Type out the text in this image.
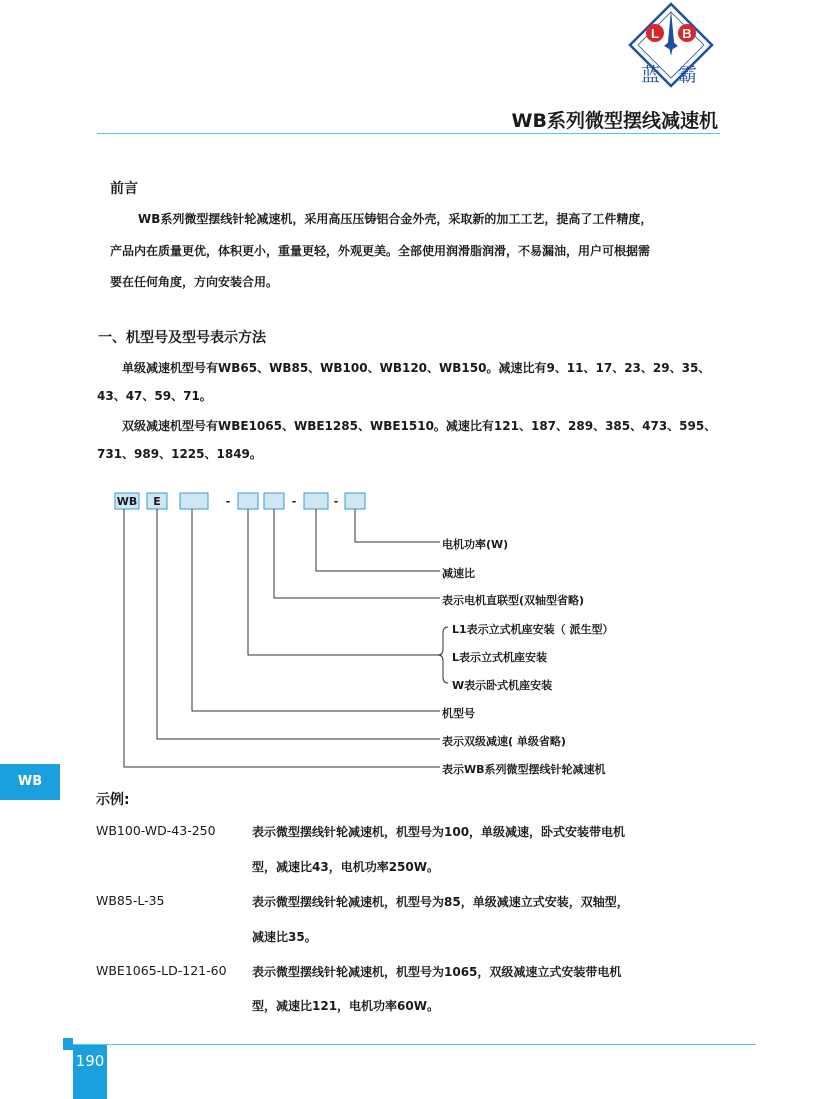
L B
蓝 霸
WB系列微型摆线减速机
前言
WB系列微型摆线针轮减速机，采用高压压铸铝合金外壳，采取新的加工工艺，提高了工件精度，
产品内在质量更优，体积更小，重量更轻，外观更美。全部使用润滑脂润滑，不易漏油，用户可根据需
要在任何角度，方向安装合用。
一、机型号及型号表示方法
单级减速机型号有WB65、WB85、WB100、WB120、WB150。减速比有9、11、17、23、29、35、
43、47、59、71。
双级减速机型号有WBE1065、WBE1285、WBE1510。减速比有121、187、289、385、473、595、
731、989、1225、1849。
WB E	-	-	-
电机功率(W)
减速比
表示电机直联型(双轴型省略)
L1表示立式机座安装（ 派生型）
L表示立式机座安装
W表示卧式机座安装
机型号
表示双级减速( 单级省略)
表示WB系列微型摆线针轮减速机
WB
示例:
WB100-WD-43-250	表示微型摆线针轮减速机，机型号为100，单级减速，卧式安装带电机
型，减速比43，电机功率250W。
WB85-L-35	表示微型摆线针轮减速机，机型号为85，单级减速立式安装，双轴型，
减速比35。
WBE1065-LD-121-60 表示微型摆线针轮减速机，机型号为1065，双级减速立式安装带电机
型，减速比121，电机功率60W。
190
